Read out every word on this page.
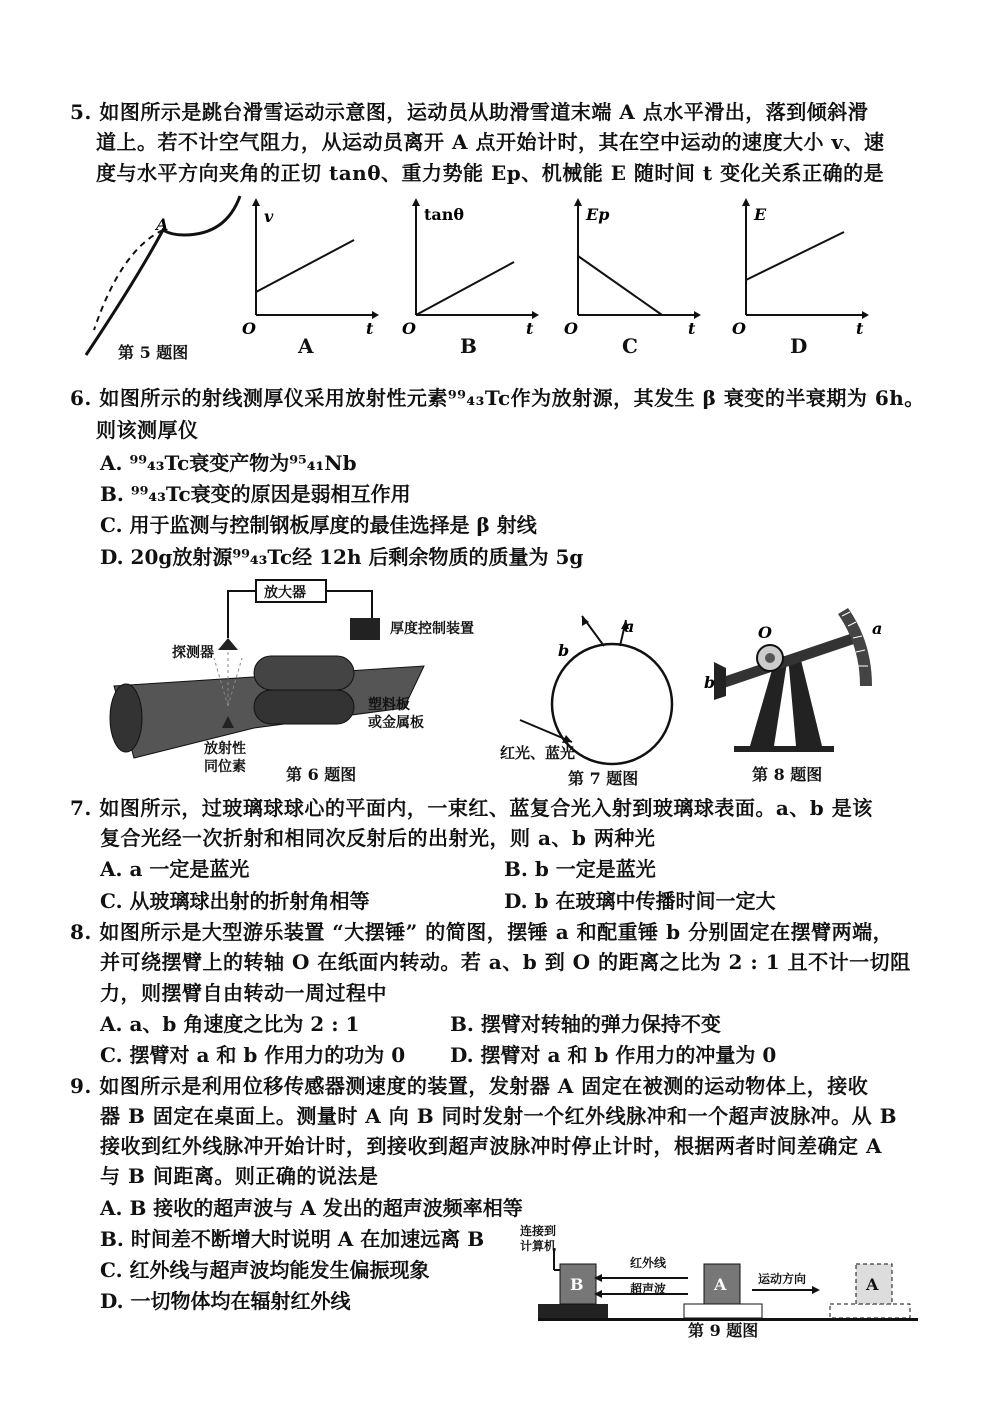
5. 如图所示是跳台滑雪运动示意图，运动员从助滑雪道末端 A 点水平滑出，落到倾斜滑
道上。若不计空气阻力，从运动员离开 A 点开始计时，其在空中运动的速度大小 v、速
度与水平方向夹角的正切 tanθ、重力势能 Ep、机械能 E 随时间 t 变化关系正确的是
A
第 5 题图
v
t
O
A
tanθ
t
O
B
Ep
t
O
C
E
t
O
D
6. 如图所示的射线测厚仪采用放射性元素⁹⁹₄₃Tc作为放射源，其发生 β 衰变的半衰期为 6h。
则该测厚仪
A. ⁹⁹₄₃Tc衰变产物为⁹⁵₄₁Nb
B. ⁹⁹₄₃Tc衰变的原因是弱相互作用
C. 用于监测与控制钢板厚度的最佳选择是 β 射线
D. 20g放射源⁹⁹₄₃Tc经 12h 后剩余物质的质量为 5g
放大器
探测器
厚度控制装置
塑料板
或金属板
放射性
同位素	第 6 题图
a
b
红光、蓝光
第 7 题图
O	a
b
第 8 题图
7. 如图所示，过玻璃球球心的平面内，一束红、蓝复合光入射到玻璃球表面。a、b 是该
复合光经一次折射和相同次反射后的出射光，则 a、b 两种光
A. a 一定是蓝光	B. b 一定是蓝光
C. 从玻璃球出射的折射角相等	D. b 在玻璃中传播时间一定大
8. 如图所示是大型游乐装置 “大摆锤” 的简图，摆锤 a 和配重锤 b 分别固定在摆臂两端，
并可绕摆臂上的转轴 O 在纸面内转动。若 a、b 到 O 的距离之比为 2 : 1 且不计一切阻
力，则摆臂自由转动一周过程中
A. a、b 角速度之比为 2 : 1	B. 摆臂对转轴的弹力保持不变
C. 摆臂对 a 和 b 作用力的功为 0 D. 摆臂对 a 和 b 作用力的冲量为 0
9. 如图所示是利用位移传感器测速度的装置，发射器 A 固定在被测的运动物体上，接收
器 B 固定在桌面上。测量时 A 向 B 同时发射一个红外线脉冲和一个超声波脉冲。从 B
接收到红外线脉冲开始计时，到接收到超声波脉冲时停止计时，根据两者时间差确定 A
与 B 间距离。则正确的说法是
A. B 接收的超声波与 A 发出的超声波频率相等
B. 时间差不断增大时说明 A 在加速远离 B
C. 红外线与超声波均能发生偏振现象
D. 一切物体均在辐射红外线
B	A	A
连接到
计算机
红外线
超声波
运动方向
第 9 题图
